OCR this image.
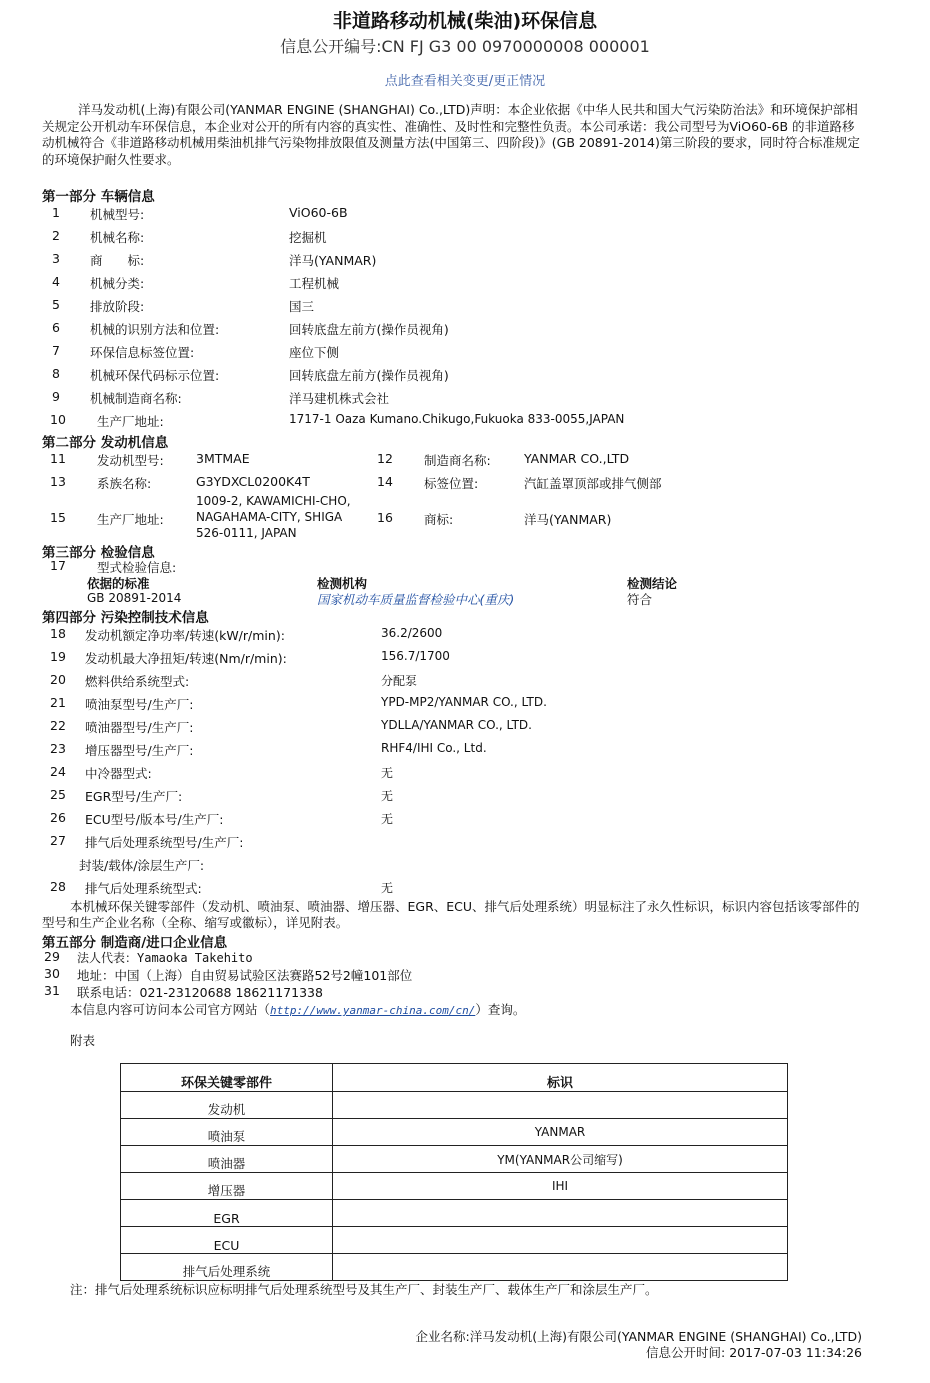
非道路移动机械(柴油)环保信息
信息公开编号:CN FJ G3 00 0970000008 000001
点此查看相关变更/更正情况
洋马发动机(上海)有限公司(YANMAR ENGINE (SHANGHAI) Co.,LTD)声明：本企业依据《中华人民共和国大气污染防治法》和环境保护部相关规定公开机动车环保信息，本企业对公开的所有内容的真实性、准确性、及时性和完整性负责。本公司承诺：我公司型号为ViO60-6B 的非道路移动机械符合《非道路移动机械用柴油机排气污染物排放限值及测量方法(中国第三、四阶段)》(GB 20891-2014)第三阶段的要求，同时符合标准规定的环境保护耐久性要求。
第一部分 车辆信息
1 机械型号:	ViO60-6B
2 机械名称:	挖掘机
3 商　　标:	洋马(YANMAR)
4 机械分类:	工程机械
5 排放阶段:	国三
6 机械的识别方法和位置:	回转底盘左前方(操作员视角)
7 环保信息标签位置:	座位下侧
8 机械环保代码标示位置:	回转底盘左前方(操作员视角)
9 机械制造商名称:	洋马建机株式会社
10 生产厂地址:	1717-1 Oaza Kumano.Chikugo,Fukuoka 833-0055,JAPAN
第二部分 发动机信息
11 发动机型号:	3MTMAE	12 制造商名称:	YANMAR CO.,LTD
13 系族名称:	G3YDXCL0200K4T	14 标签位置:	汽缸盖罩顶部或排气侧部
15 生产厂地址:
1009-2, KAWAMICHI-CHO, NAGAHAMA-CITY, SHIGA 526-0111, JAPAN
16 商标:	洋马(YANMAR)
第三部分 检验信息
17 型式检验信息:
依据的标准	检测机构	检测结论
GB 20891-2014	国家机动车质量监督检验中心(重庆)	符合
第四部分 污染控制技术信息
18 发动机额定净功率/转速(kW/r/min):	36.2/2600
19 发动机最大净扭矩/转速(Nm/r/min):	156.7/1700
20 燃料供给系统型式:	分配泵
21 喷油泵型号/生产厂:	YPD-MP2/YANMAR CO., LTD.
22 喷油器型号/生产厂:	YDLLA/YANMAR CO., LTD.
23 增压器型号/生产厂:	RHF4/IHI Co., Ltd.
24 中冷器型式:	无
25 EGR型号/生产厂:	无
26 ECU型号/版本号/生产厂:	无
27 排气后处理系统型号/生产厂:
封装/载体/涂层生产厂:
28 排气后处理系统型式:	无
本机械环保关键零部件（发动机、喷油泵、喷油器、增压器、EGR、ECU、排气后处理系统）明显标注了永久性标识，标识内容包括该零部件的型号和生产企业名称（全称、缩写或徽标），详见附表。
第五部分 制造商/进口企业信息
29 法人代表：Yamaoka Takehito
30 地址：中国（上海）自由贸易试验区法赛路52号2幢101部位
31 联系电话：021-23120688 18621171338
本信息内容可访问本公司官方网站（http://www.yanmar-china.com/cn/）查询。
附表
环保关键零部件	标识
发动机	
喷油泵	YANMAR
喷油器	YM(YANMAR公司缩写)
增压器	IHI
EGR	
ECU	
排气后处理系统	
注：排气后处理系统标识应标明排气后处理系统型号及其生产厂、封装生产厂、载体生产厂和涂层生产厂。
企业名称:洋马发动机(上海)有限公司(YANMAR ENGINE (SHANGHAI) Co.,LTD)
信息公开时间: 2017-07-03 11:34:26
